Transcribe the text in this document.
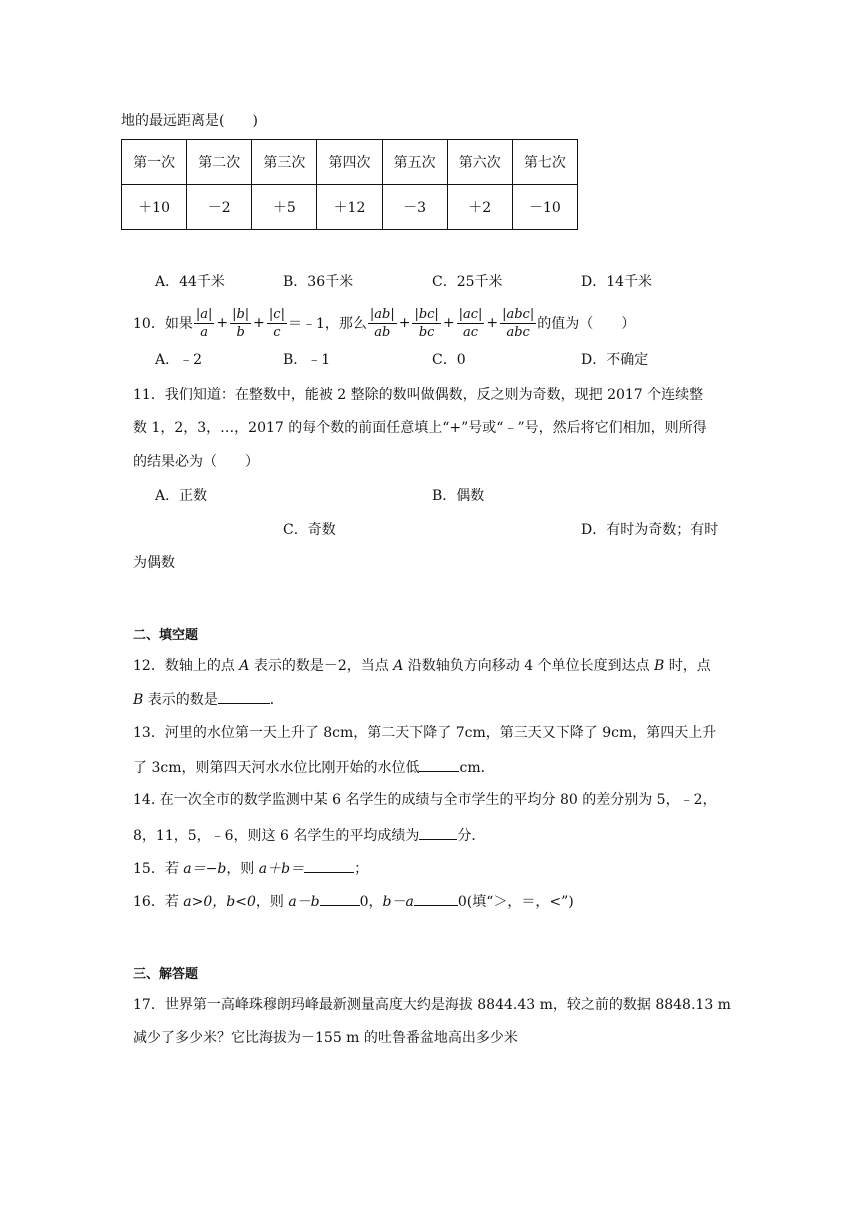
地的最远距离是(　　)
第一次	第二次	第三次	第四次	第五次	第六次	第七次
＋10	－2	＋5	＋12	－3	＋2	－10
A．44千米	B．36千米	C．25千米	D．14千米
10．如果 $\frac{|a|}{a} + \frac{|b|}{b} + \frac{|c|}{c}$ ＝﹣1，那么 $\frac{|ab|}{ab} + \frac{|bc|}{bc} + \frac{|ac|}{ac} + \frac{\text{|abc|}}{\text{abc}}$ 的值为（　　）
A．﹣2	B．﹣1	C．0	D．不确定
11．我们知道：在整数中，能被 2 整除的数叫做偶数，反之则为奇数，现把 2017 个连续整
数 1，2，3，…，2017 的每个数的前面任意填上“+”号或“﹣”号，然后将它们相加，则所得
的结果必为（　　）
A．正数	B．偶数
C．奇数	D．有时为奇数；有时
为偶数
二、填空题
12．数轴上的点 A 表示的数是－2，当点 A 沿数轴负方向移动 4 个单位长度到达点 B 时，点
B 表示的数是	．
13．河里的水位第一天上升了 8cm，第二天下降了 7cm，第三天又下降了 9cm，第四天上升
了 3cm，则第四天河水水位比刚开始的水位低	cm．
14. 在一次全市的数学监测中某 6 名学生的成绩与全市学生的平均分 80 的差分别为 5，﹣2，
8，11，5，﹣6，则这 6 名学生的平均成绩为	分．
15．若 a＝−b，则 a＋b＝	；
16．若 a>0，b<0，则 a－b	0，b－a	0(填“＞，＝，<”)
三、解答题
17．世界第一高峰珠穆朗玛峰最新测量高度大约是海拔 8844.43 m，较之前的数据 8848.13 m
减少了多少米？它比海拔为－155 m 的吐鲁番盆地高出多少米
